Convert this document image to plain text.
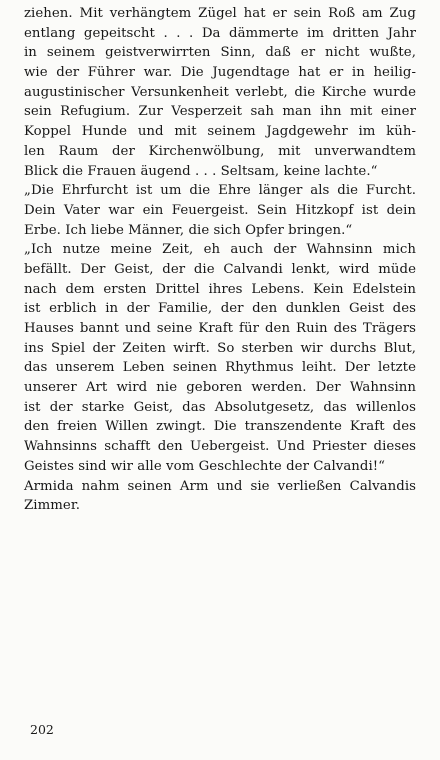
ziehen. Mit verhängtem Zügel hat er sein Roß am Zug
entlang gepeitscht . . . Da dämmerte im dritten Jahr
in seinem geistverwirrten Sinn, daß er nicht wußte,
wie der Führer war. Die Jugendtage hat er in heilig-
augustinischer Versunkenheit verlebt, die Kirche wurde
sein Refugium. Zur Vesperzeit sah man ihn mit einer
Koppel Hunde und mit seinem Jagdgewehr im küh-
len Raum der Kirchenwölbung, mit unverwandtem
Blick die Frauen äugend . . . Seltsam, keine lachte.“
„Die Ehrfurcht ist um die Ehre länger als die Furcht.
Dein Vater war ein Feuergeist. Sein Hitzkopf ist dein
Erbe. Ich liebe Männer, die sich Opfer bringen.“
„Ich nutze meine Zeit, eh auch der Wahnsinn mich
befällt. Der Geist, der die Calvandi lenkt, wird müde
nach dem ersten Drittel ihres Lebens. Kein Edelstein
ist erblich in der Familie, der den dunklen Geist des
Hauses bannt und seine Kraft für den Ruin des Trägers
ins Spiel der Zeiten wirft. So sterben wir durchs Blut,
das unserem Leben seinen Rhythmus leiht. Der letzte
unserer Art wird nie geboren werden. Der Wahnsinn
ist der starke Geist, das Absolutgesetz, das willenlos
den freien Willen zwingt. Die transzendente Kraft des
Wahnsinns schafft den Uebergeist. Und Priester dieses
Geistes sind wir alle vom Geschlechte der Calvandi!“
Armida nahm seinen Arm und sie verließen Calvandis
Zimmer.
202
